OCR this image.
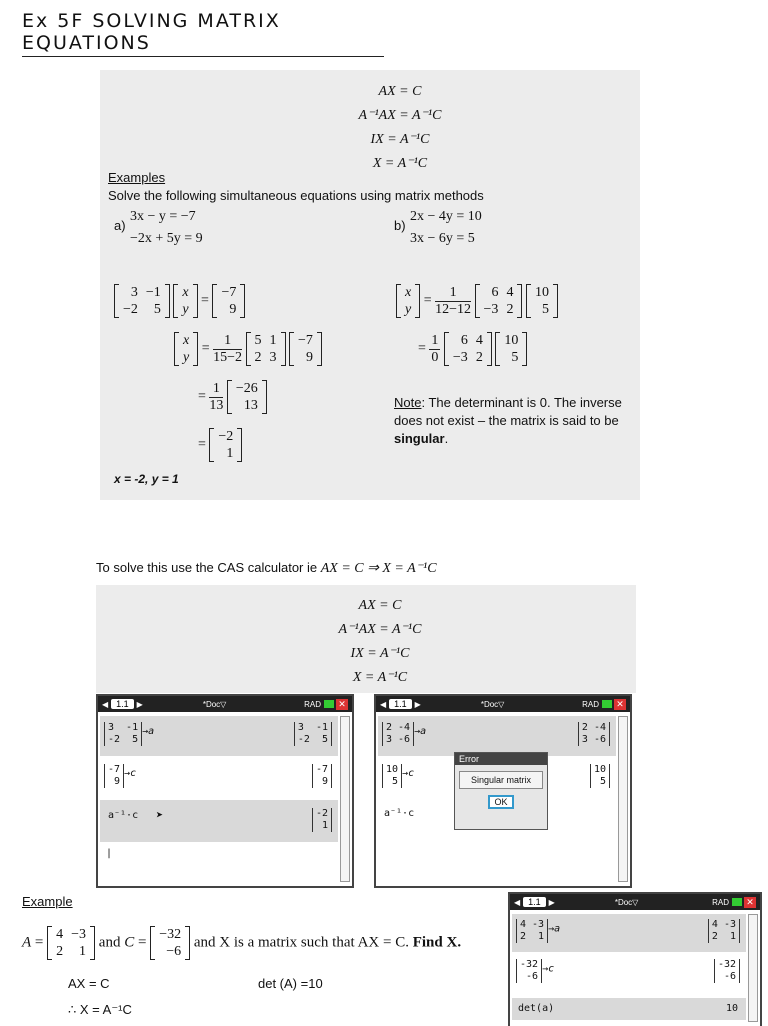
Ex 5F SOLVING MATRIX EQUATIONS
AX = C
A⁻¹AX = A⁻¹C
IX = A⁻¹C
X = A⁻¹C
Examples
Solve the following simultaneous equations using matrix methods
a)
3x − y = −7
−2x + 5y = 9
b)
2x − 4y = 10
3x − 6y = 5
3	−1
−2	5

x
y
=
−7
9
x
y
= $\frac{1}{15-2}$
5	1
2	3

−7
9
= $\frac{1}{13}$
−26
13
=
−2
1
x = -2, y = 1
x
y
= $\frac{1}{12-12}$
6	4
−3	2

10
5
= $\frac{1}{0}$
6	4
−3	2

10
5
Note: The determinant is 0. The inverse does not exist – the matrix is said to be singular.
To solve this use the CAS calculator ie AX = C ⇒ X = A⁻¹C
AX = C
A⁻¹AX = A⁻¹C
IX = A⁻¹C
X = A⁻¹C
◀ 1.1	▶	*Doc ▽	RAD ✕
3  -1
-2  5
→a	3  -1
-2  5
-7
9
→c	-7
9
a⁻¹·c ➤	-2
1
|
◀ 1.1	▶	*Doc ▽	RAD ✕
2 -4
3 -6
→a	2 -4
3 -6
10
5
→c	10
5
a⁻¹·c
Error
Singular matrix
OK
Example
A = 4	−3
2	1
and C = −32
−6
and X is a matrix such that AX = C. Find X.
AX = C	det (A) =10
∴ X = A⁻¹C
◀ 1.1	▶	*Doc ▽	RAD ✕
4 -3
2  1
→a	4 -3
2  1
-32
-6
→c	-32
-6
det(a)	10
